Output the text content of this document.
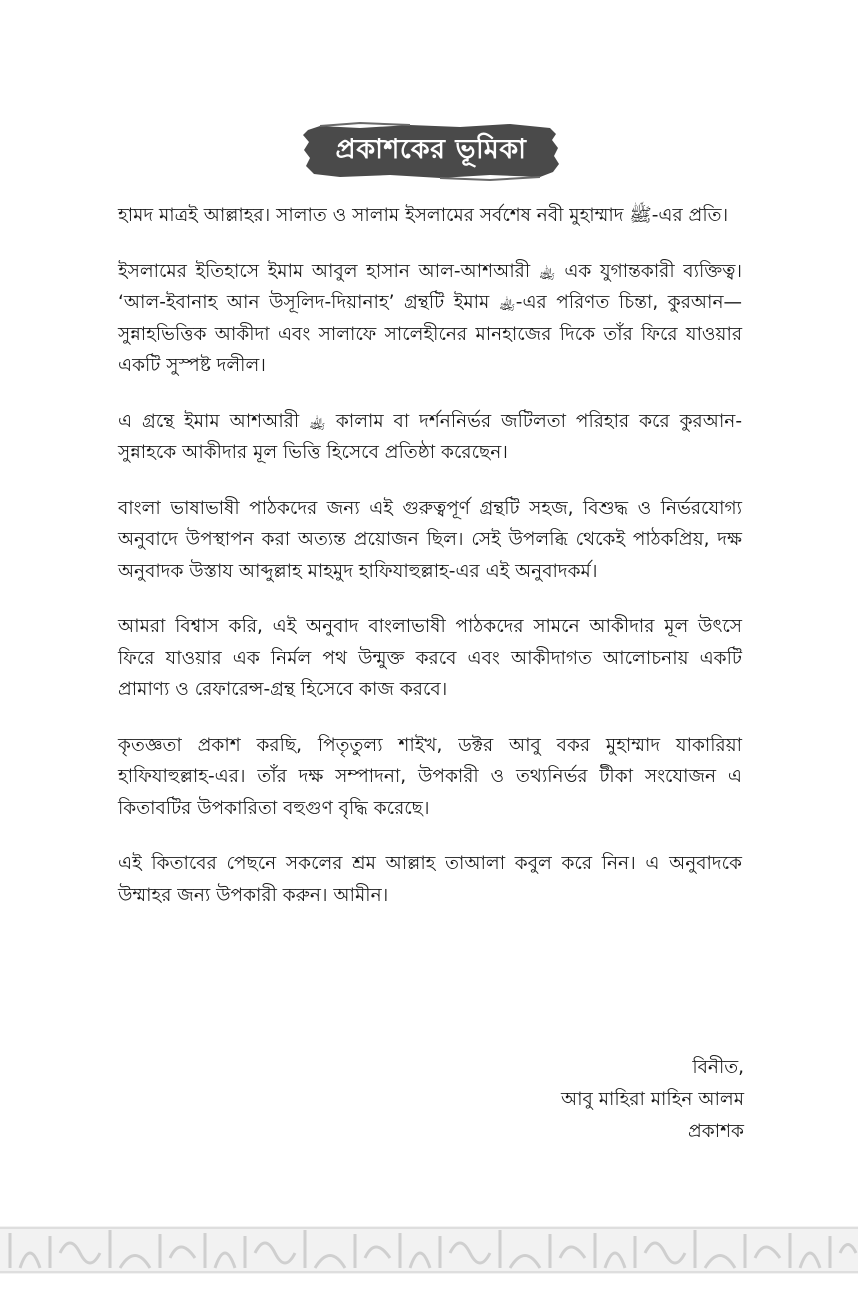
প্রকাশকের ভূমিকা

হামদ মাত্রই আল্লাহর। সালাত ও সালাম ইসলামের সর্বশেষ নবী মুহাম্মাদ ﷺ-এর প্রতি।

ইসলামের ইতিহাসে ইমাম আবুল হাসান আল-আশআরী ﵀ এক যুগান্তকারী ব্যক্তিত্ব। ‘আল-ইবানাহ আন উসূলিদ-দিয়ানাহ’ গ্রন্থটি ইমাম ﵀-এর পরিণত চিন্তা, কুরআন—সুন্নাহভিত্তিক আকীদা এবং সালাফে সালেহীনের মানহাজের দিকে তাঁর ফিরে যাওয়ার একটি সুস্পষ্ট দলীল।

এ গ্রন্থে ইমাম আশআরী ﵀ কালাম বা দর্শননির্ভর জটিলতা পরিহার করে কুরআন-সুন্নাহকে আকীদার মূল ভিত্তি হিসেবে প্রতিষ্ঠা করেছেন।

বাংলা ভাষাভাষী পাঠকদের জন্য এই গুরুত্বপূর্ণ গ্রন্থটি সহজ, বিশুদ্ধ ও নির্ভরযোগ্য অনুবাদে উপস্থাপন করা অত্যন্ত প্রয়োজন ছিল। সেই উপলব্ধি থেকেই পাঠকপ্রিয়, দক্ষ অনুবাদক উস্তায আব্দুল্লাহ মাহমুদ হাফিযাহুল্লাহ-এর এই অনুবাদকর্ম।

আমরা বিশ্বাস করি, এই অনুবাদ বাংলাভাষী পাঠকদের সামনে আকীদার মূল উৎসে ফিরে যাওয়ার এক নির্মল পথ উন্মুক্ত করবে এবং আকীদাগত আলোচনায় একটি প্রামাণ্য ও রেফারেন্স-গ্রন্থ হিসেবে কাজ করবে।

কৃতজ্ঞতা প্রকাশ করছি, পিতৃতুল্য শাইখ, ডক্টর আবু বকর মুহাম্মাদ যাকারিয়া হাফিযাহুল্লাহ-এর। তাঁর দক্ষ সম্পাদনা, উপকারী ও তথ্যনির্ভর টীকা সংযোজন এ কিতাবটির উপকারিতা বহুগুণ বৃদ্ধি করেছে।

এই কিতাবের পেছনে সকলের শ্রম আল্লাহ তাআলা কবুল করে নিন। এ অনুবাদকে উম্মাহর জন্য উপকারী করুন। আমীন।

বিনীত,
আবু মাহিরা মাহিন আলম
প্রকাশক
